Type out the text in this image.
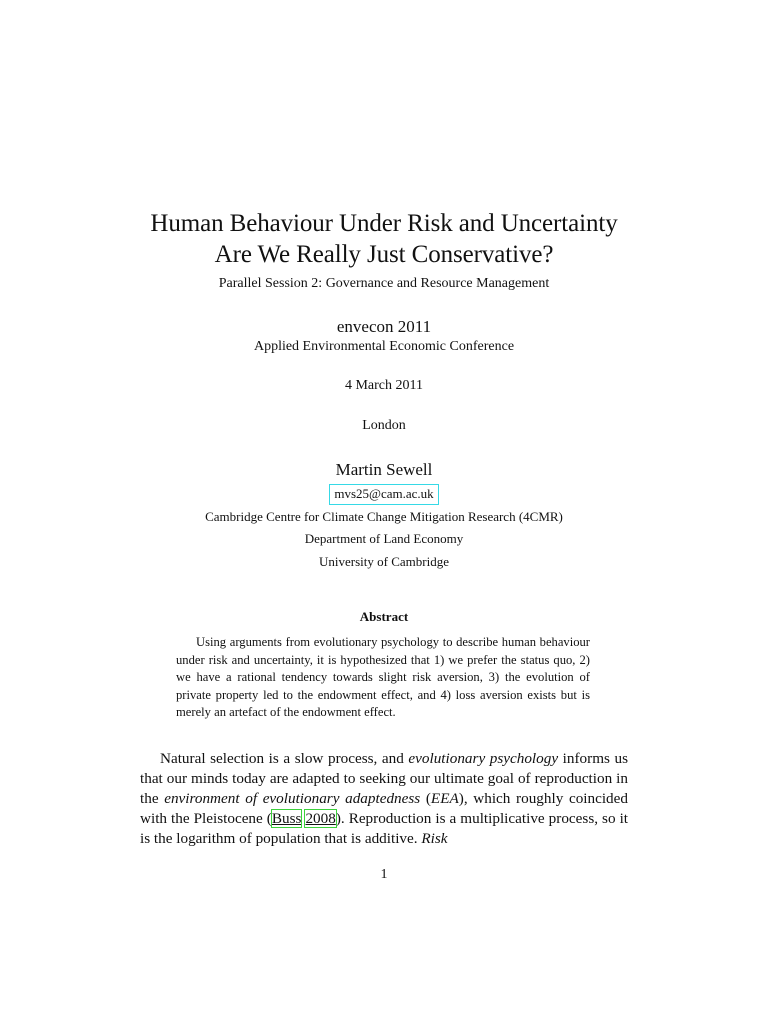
Human Behaviour Under Risk and Uncertainty
Are We Really Just Conservative?
Parallel Session 2: Governance and Resource Management
envecon 2011
Applied Environmental Economic Conference
4 March 2011
London
Martin Sewell
mvs25@cam.ac.uk
Cambridge Centre for Climate Change Mitigation Research (4CMR)
Department of Land Economy
University of Cambridge
Abstract
Using arguments from evolutionary psychology to describe human behaviour under risk and uncertainty, it is hypothesized that 1) we prefer the status quo, 2) we have a rational tendency towards slight risk aversion, 3) the evolution of private property led to the endowment effect, and 4) loss aversion exists but is merely an artefact of the endowment effect.
Natural selection is a slow process, and evolutionary psychology informs us that our minds today are adapted to seeking our ultimate goal of reproduction in the environment of evolutionary adaptedness (EEA), which roughly coincided with the Pleistocene (Buss 2008). Reproduction is a multiplicative process, so it is the logarithm of population that is additive. Risk
1
